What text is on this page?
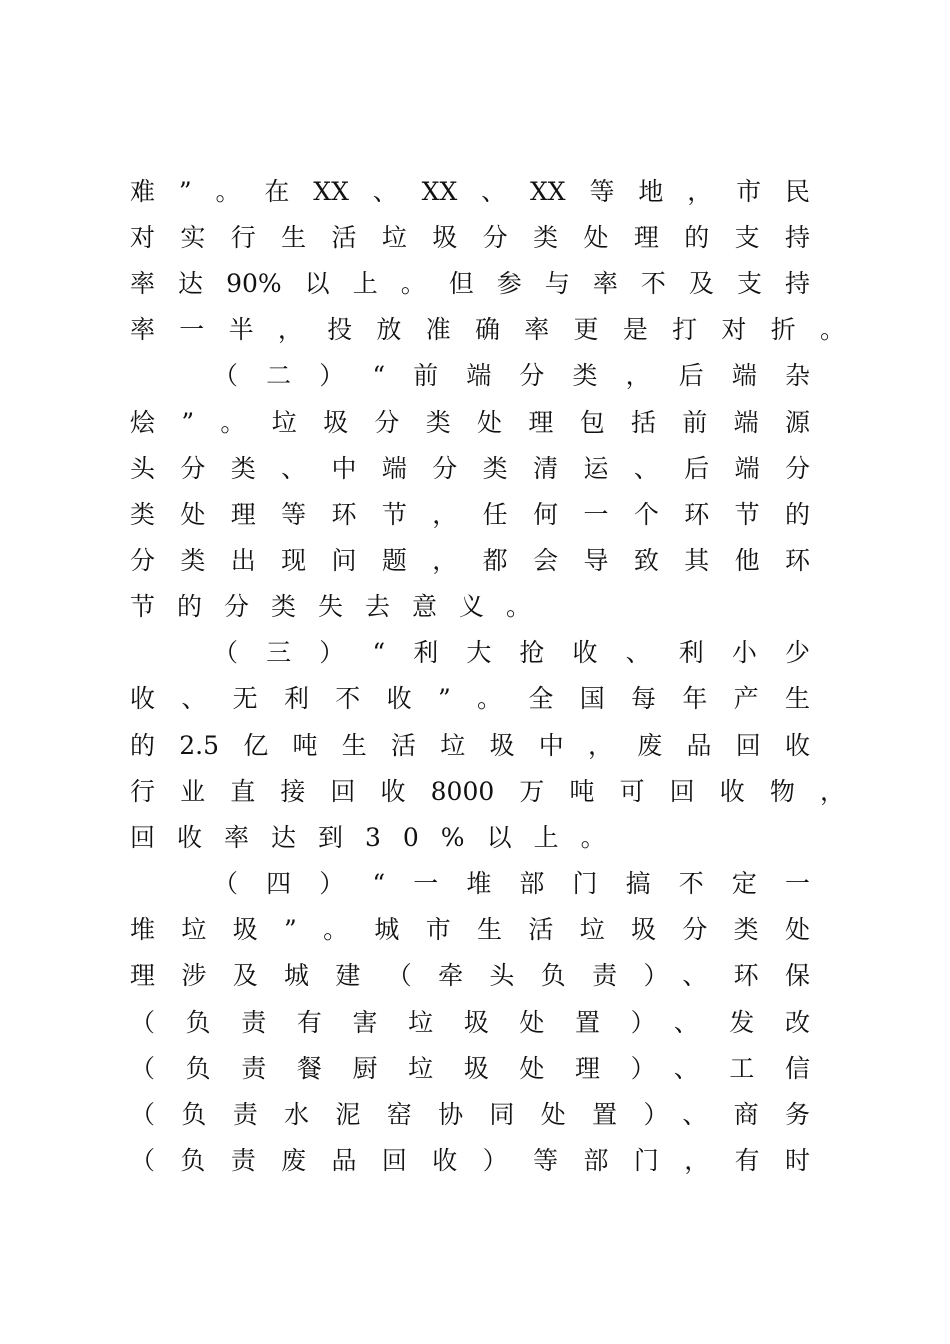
难”。在XX、XX、XX等地，市民
对实行生活垃圾分类处理的支持
率达90%以上。但参与率不及支持
率一半，投放准确率更是打对折。
（二）“前端分类，后端杂
烩”。垃圾分类处理包括前端源
头分类、中端分类清运、后端分
类处理等环节，任何一个环节的
分类出现问题，都会导致其他环
节的分类失去意义。
（三）“利大抢收、利小少
收、无利不收”。全国每年产生
的2.5亿吨生活垃圾中，废品回收
行业直接回收8000万吨可回收物，
回收率达到30%以上。
（四）“一堆部门搞不定一
堆垃圾”。城市生活垃圾分类处
理涉及城建（牵头负责）、环保
（负责有害垃圾处置）、发改
（负责餐厨垃圾处理）、工信
（负责水泥窑协同处置）、商务
（负责废品回收）等部门，有时
